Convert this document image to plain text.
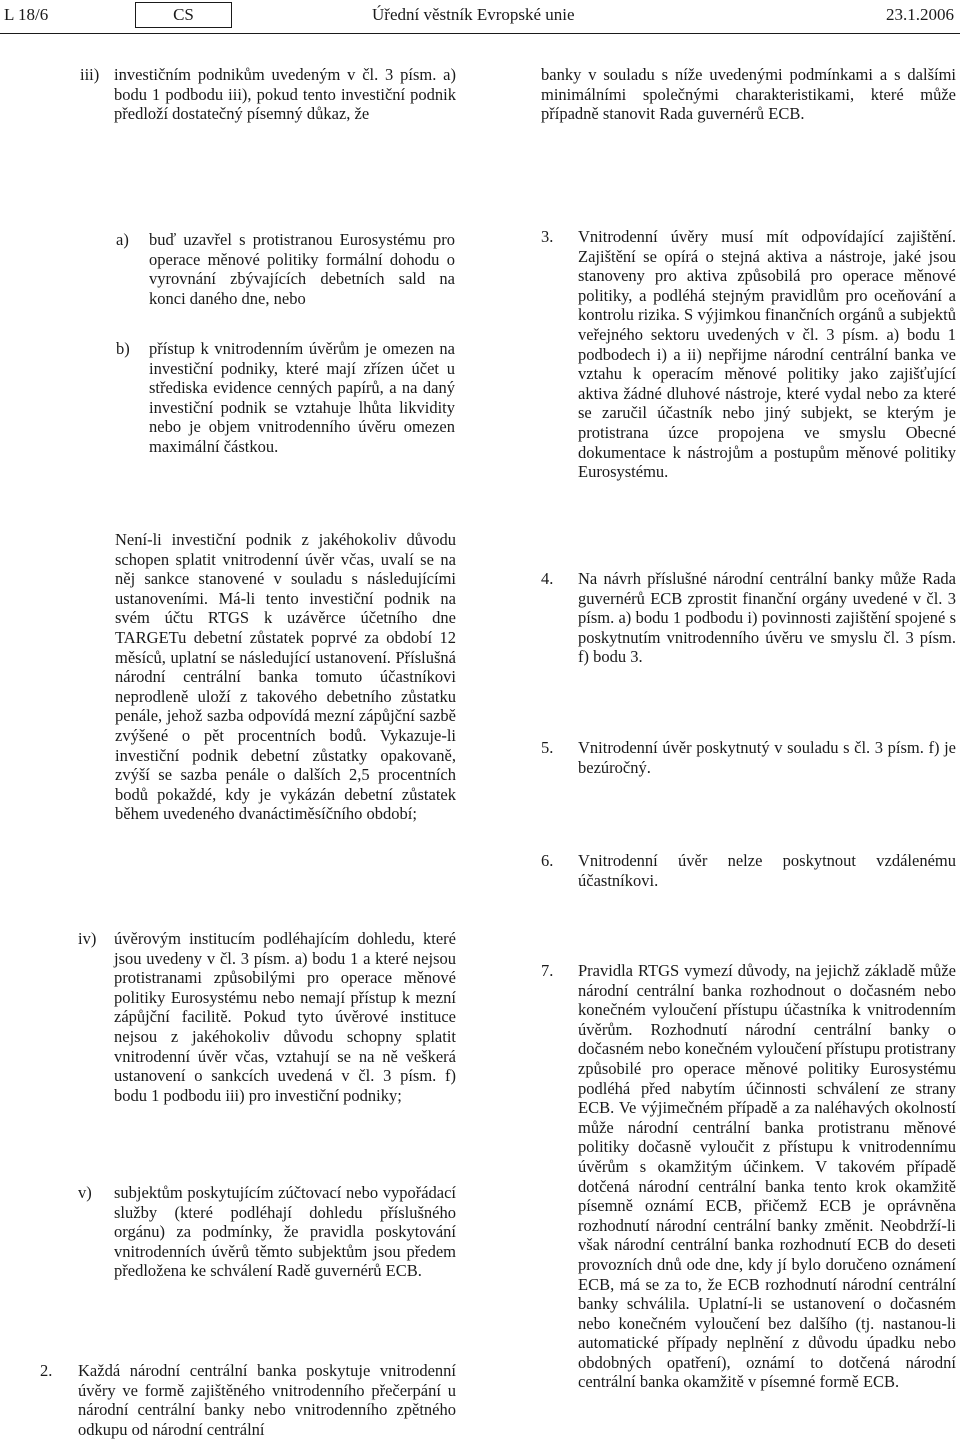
L 18/6	CS	Úřední věstník Evropské unie	23.1.2006
iii) investičním podnikům uvedeným v čl. 3 písm. a) bodu 1 podbodu iii), pokud tento investiční podnik předloží dostatečný písemný důkaz, že
a) buď uzavřel s protistranou Eurosystému pro operace měnové politiky formální dohodu o vyrovnání zbývajících debetních sald na konci daného dne, nebo
b) přístup k vnitrodenním úvěrům je omezen na investiční podniky, které mají zřízen účet u střediska evidence cenných papírů, a na daný investiční podnik se vztahuje lhůta likvidity nebo je objem vnitrodenního úvěru omezen maximální částkou.
Není-li investiční podnik z jakéhokoliv důvodu schopen splatit vnitrodenní úvěr včas, uvalí se na něj sankce stanovené v souladu s následujícími ustanoveními. Má-li tento investiční podnik na svém účtu RTGS k uzávěrce účetního dne TARGETu debetní zůstatek poprvé za období 12 měsíců, uplatní se následující ustanovení. Příslušná národní centrální banka tomuto účastníkovi neprodleně uloží z takového debetního zůstatku penále, jehož sazba odpovídá mezní zápůjční sazbě zvýšené o pět procentních bodů. Vykazuje-li investiční podnik debetní zůstatky opakovaně, zvýší se sazba penále o dalších 2,5 procentních bodů pokaždé, kdy je vykázán debetní zůstatek během uvedeného dvanáctiměsíčního období;
iv) úvěrovým institucím podléhajícím dohledu, které jsou uvedeny v čl. 3 písm. a) bodu 1 a které nejsou protistranami způsobilými pro operace měnové politiky Eurosystému nebo nemají přístup k mezní zápůjční facilitě. Pokud tyto úvěrové instituce nejsou z jakéhokoliv důvodu schopny splatit vnitrodenní úvěr včas, vztahují se na ně veškerá ustanovení o sankcích uvedená v čl. 3 písm. f) bodu 1 podbodu iii) pro investiční podniky;
v) subjektům poskytujícím zúčtovací nebo vypořádací služby (které podléhají dohledu příslušného orgánu) za podmínky, že pravidla poskytování vnitrodenních úvěrů těmto subjektům jsou předem předložena ke schválení Radě guvernérů ECB.
2. Každá národní centrální banka poskytuje vnitrodenní úvěry ve formě zajištěného vnitrodenního přečerpání u národní centrální banky nebo vnitrodenního zpětného odkupu od národní centrální
banky v souladu s níže uvedenými podmínkami a s dalšími minimálními společnými charakteristikami, které může případně stanovit Rada guvernérů ECB.
3. Vnitrodenní úvěry musí mít odpovídající zajištění. Zajištění se opírá o stejná aktiva a nástroje, jaké jsou stanoveny pro aktiva způsobilá pro operace měnové politiky, a podléhá stejným pravidlům pro oceňování a kontrolu rizika. S výjimkou finančních orgánů a subjektů veřejného sektoru uvedených v čl. 3 písm. a) bodu 1 podbodech i) a ii) nepřijme národní centrální banka ve vztahu k operacím měnové politiky jako zajišťující aktiva žádné dluhové nástroje, které vydal nebo za které se zaručil účastník nebo jiný subjekt, se kterým je protistrana úzce propojena ve smyslu Obecné dokumentace k nástrojům a postupům měnové politiky Eurosystému.
4. Na návrh příslušné národní centrální banky může Rada guvernérů ECB zprostit finanční orgány uvedené v čl. 3 písm. a) bodu 1 podbodu i) povinnosti zajištění spojené s poskytnutím vnitrodenního úvěru ve smyslu čl. 3 písm. f) bodu 3.
5. Vnitrodenní úvěr poskytnutý v souladu s čl. 3 písm. f) je bezúročný.
6. Vnitrodenní úvěr nelze poskytnout vzdálenému účastníkovi.
7. Pravidla RTGS vymezí důvody, na jejichž základě může národní centrální banka rozhodnout o dočasném nebo konečném vyloučení přístupu účastníka k vnitrodenním úvěrům. Rozhodnutí národní centrální banky o dočasném nebo konečném vyloučení přístupu protistrany způsobilé pro operace měnové politiky Eurosystému podléhá před nabytím účinnosti schválení ze strany ECB. Ve výjimečném případě a za naléhavých okolností může národní centrální banka protistranu měnové politiky dočasně vyloučit z přístupu k vnitrodennímu úvěrům s okamžitým účinkem. V takovém případě dotčená národní centrální banka tento krok okamžitě písemně oznámí ECB, přičemž ECB je oprávněna rozhodnutí národní centrální banky změnit. Neobdrží-li však národní centrální banka rozhodnutí ECB do deseti provozních dnů ode dne, kdy jí bylo doručeno oznámení ECB, má se za to, že ECB rozhodnutí národní centrální banky schválila. Uplatní-li se ustanovení o dočasném nebo konečném vyloučení bez dalšího (tj. nastanou-li automatické případy neplnění z důvodu úpadku nebo obdobných opatření), oznámí to dotčená národní centrální banka okamžitě v písemné formě ECB.
